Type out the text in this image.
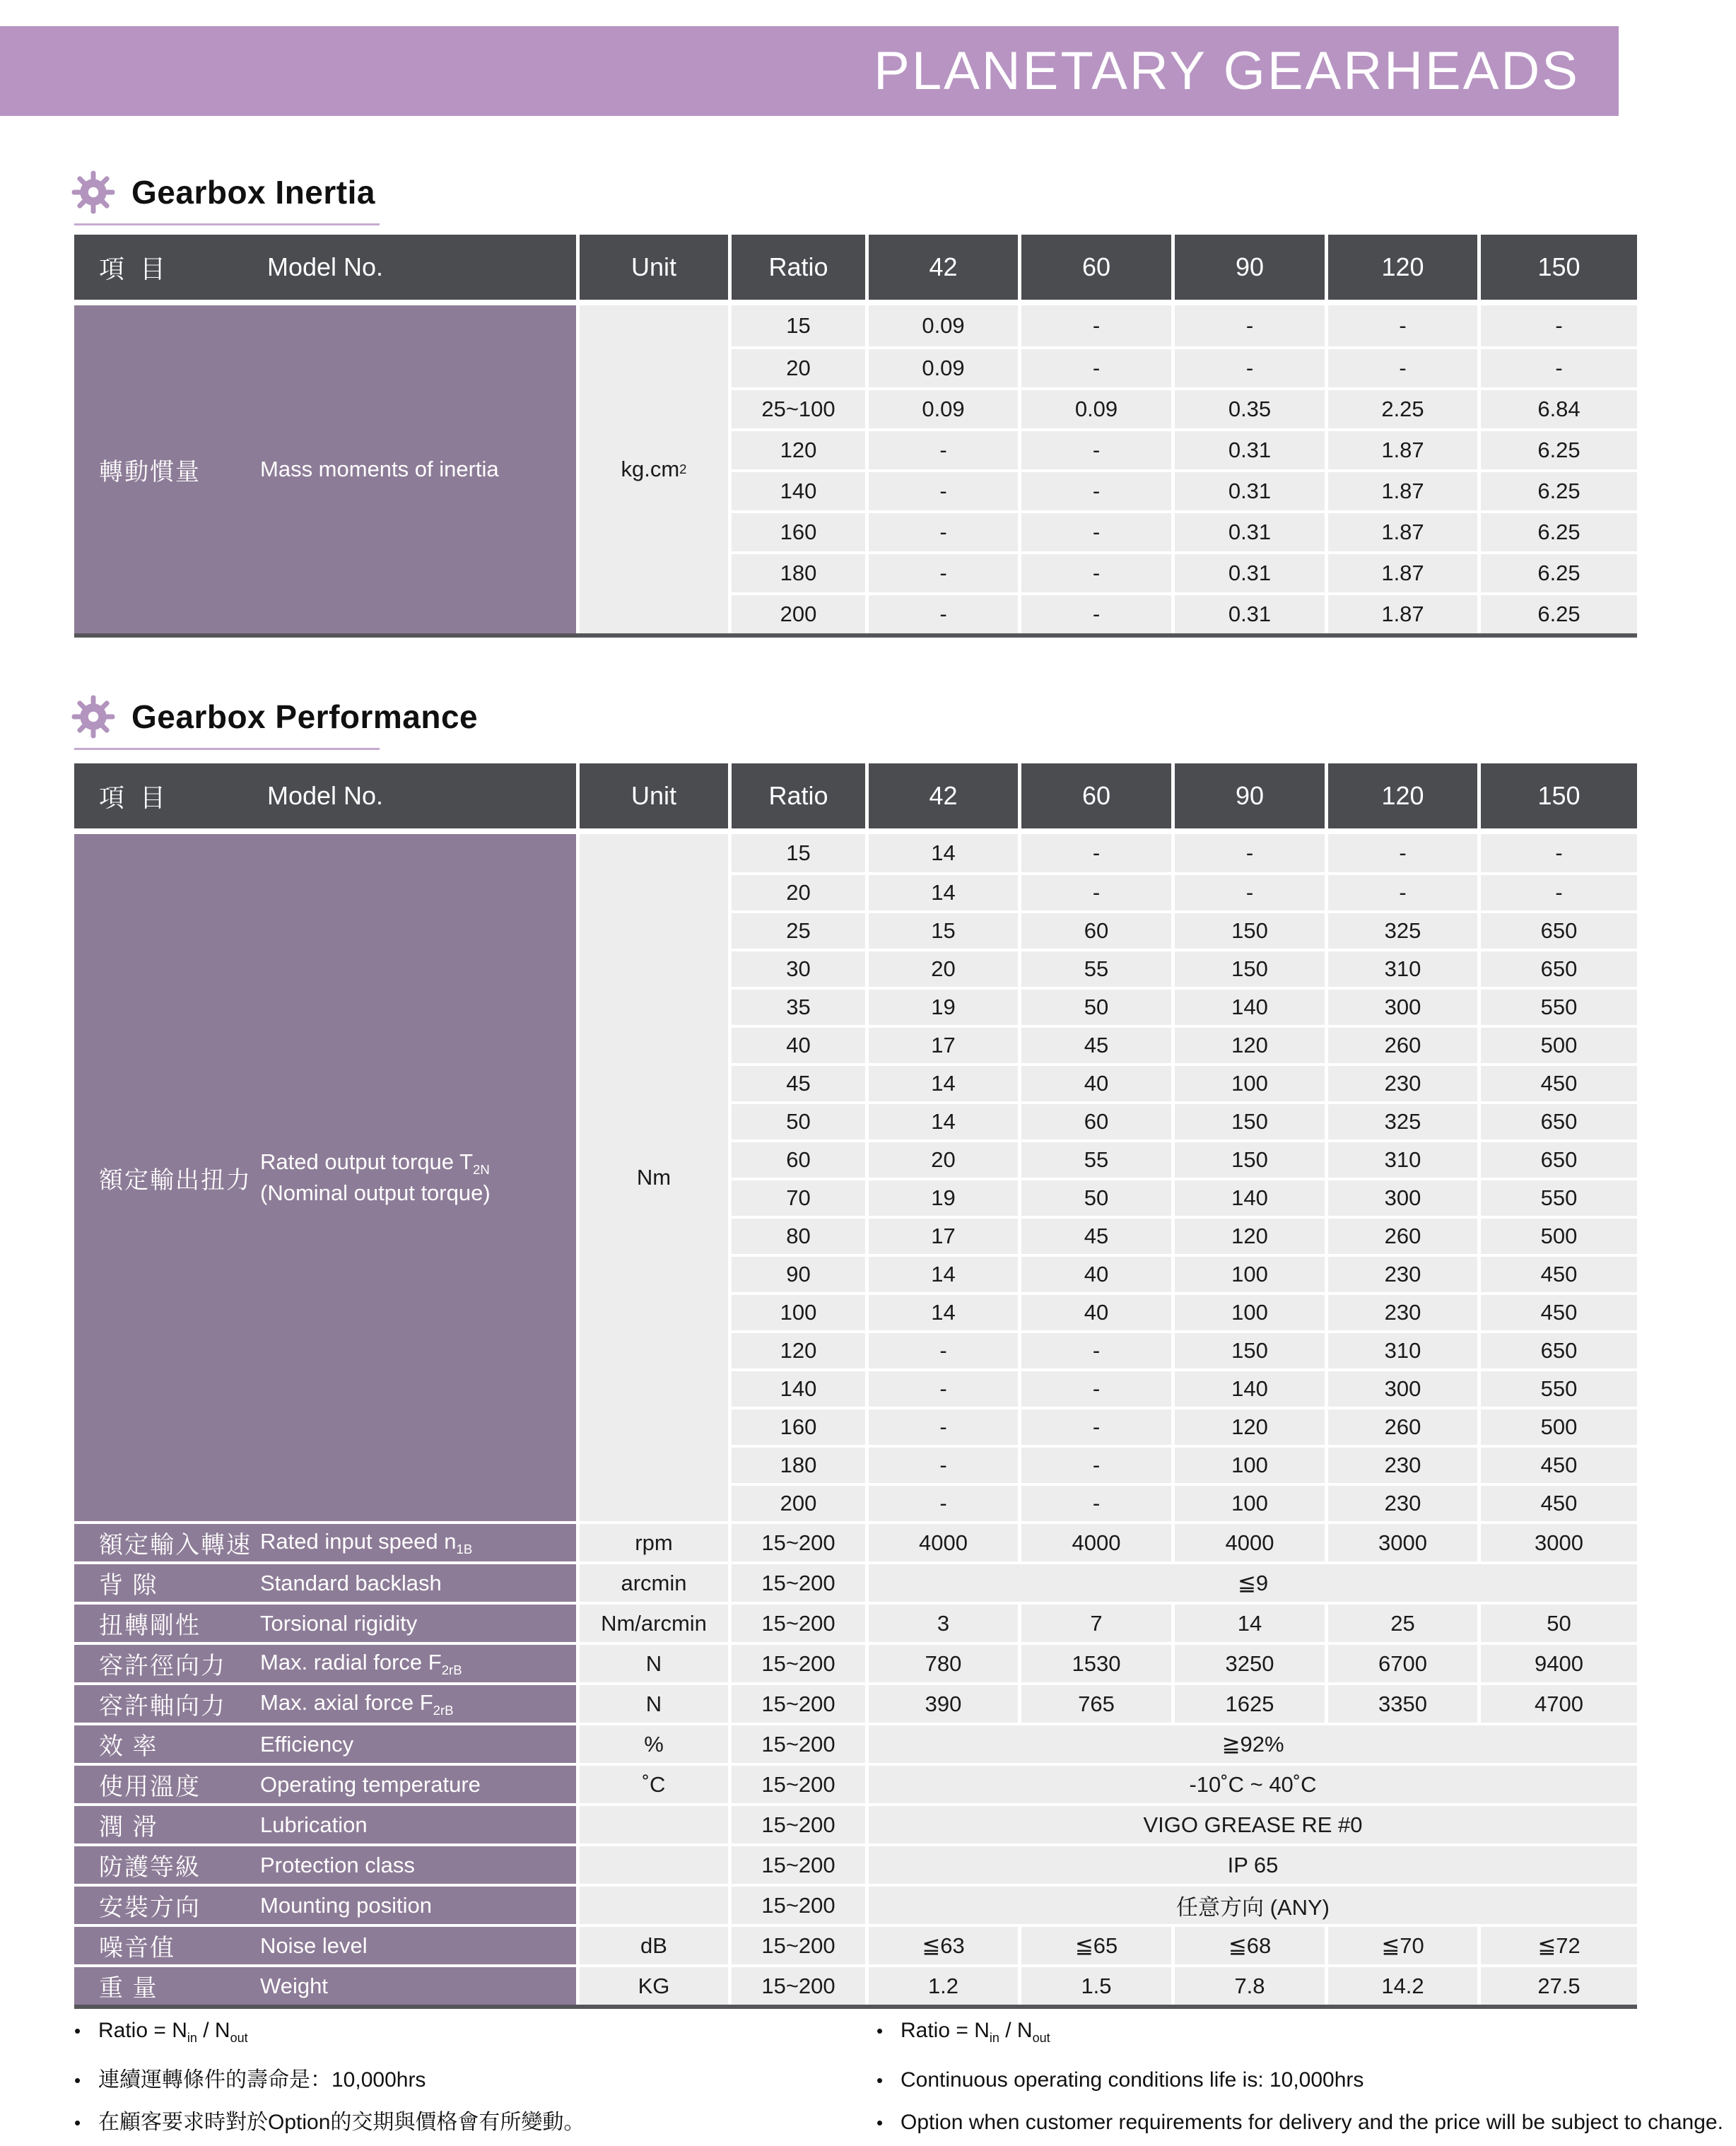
PLANETARY GEARHEADS
Gearbox Inertia
項 目	Model No.	Unit	Ratio	42	60	90	120	150
轉動慣量	Mass moments of inertia	kg.cm 2
15	0.09	-	-	-	-
20	0.09	-	-	-	-
25~100	0.09	0.09	0.35	2.25	6.84
120	-	-	0.31	1.87	6.25
140	-	-	0.31	1.87	6.25
160	-	-	0.31	1.87	6.25
180	-	-	0.31	1.87	6.25
200	-	-	0.31	1.87	6.25
Gearbox Performance
項 目	Model No.	Unit	Ratio	42	60	90	120	150
額定輸出扭力
Rated output torque $T_{2N}$
(Nominal output torque)
Nm
15	14	-	-	-	-
20	14	-	-	-	-
25	15	60	150	325	650
30	20	55	150	310	650
35	19	50	140	300	550
40	17	45	120	260	500
45	14	40	100	230	450
50	14	60	150	325	650
60	20	55	150	310	650
70	19	50	140	300	550
80	17	45	120	260	500
90	14	40	100	230	450
100	14	40	100	230	450
120	-	-	150	310	650
140	-	-	140	300	550
160	-	-	120	260	500
180	-	-	100	230	450
200	-	-	100	230	450
額定輸入轉速 Rated input speed $n_{1B}$	rpm	15~200	4000	4000	4000	3000	3000
背 隙	Standard backlash	arcmin	15~200	≦9
扭轉剛性	Torsional rigidity	Nm/arcmin	15~200	3	7	14	25	50
容許徑向力	Max. radial force $F_{2rB}$	N	15~200	780	1530	3250	6700	9400
容許軸向力	Max. axial force $F_{2rB}$	N	15~200	390	765	1625	3350	4700
效 率	Efficiency	%	15~200	≧92%
使用溫度	Operating temperature	˚C	15~200	-10˚C ~ 40˚C
潤 滑	Lubrication	15~200	VIGO GREASE RE #0
防護等級	Protection class	15~200	IP 65
安裝方向	Mounting position	15~200	任意方向 (ANY)
噪音值	Noise level	dB	15~200	≦63	≦65	≦68	≦70	≦72
重 量	Weight	KG	15~200	1.2	1.5	7.8	14.2	27.5
• Ratio = $N_{in} / N_{out}$
• 連續運轉條件的壽命是：10,000hrs
• 在顧客要求時對於Option的交期與價格會有所變動。
• Ratio = $N_{in} / N_{out}$
• Continuous operating conditions life is: 10,000hrs
• Option when customer requirements for delivery and the price will be subject to change.
